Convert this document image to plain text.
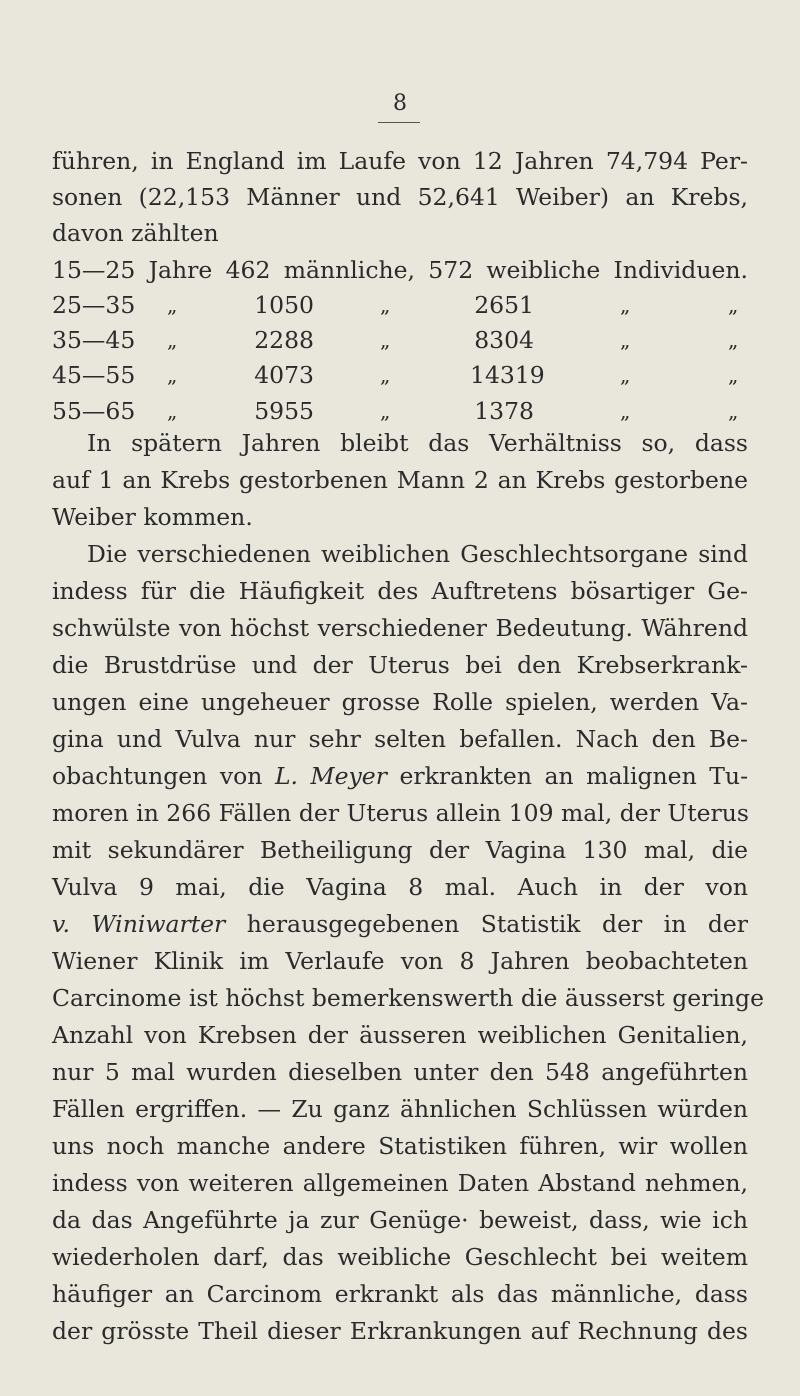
8
führen, in England im Laufe von 12 Jahren 74,794 Per-
sonen (22,153 Männer und 52,641 Weiber) an Krebs,
davon zählten
15—25 Jahre 462 männliche, 572 weibliche Individuen.
25—35 „	1050	„	2651	„	„
35—45 „	2288	„	8304	„	„
45—55 „	4073	„	14319	„	„
55—65 „	5955	„	1378	„	„
In spätern Jahren bleibt das Verhältniss so, dass
auf 1 an Krebs gestorbenen Mann 2 an Krebs gestorbene
Weiber kommen.
Die verschiedenen weiblichen Geschlechtsorgane sind
indess für die Häufigkeit des Auftretens bösartiger Ge-
schwülste von höchst verschiedener Bedeutung. Während
die Brustdrüse und der Uterus bei den Krebserkrank-
ungen eine ungeheuer grosse Rolle spielen, werden Va-
gina und Vulva nur sehr selten befallen. Nach den Be-
obachtungen von L. Meyer erkrankten an malignen Tu-
moren in 266 Fällen der Uterus allein 109 mal, der Uterus
mit sekundärer Betheiligung der Vagina 130 mal, die
Vulva 9 mai, die Vagina 8 mal. Auch in der von
v. Winiwarter herausgegebenen Statistik der in der
Wiener Klinik im Verlaufe von 8 Jahren beobachteten
Carcinome ist höchst bemerkenswerth die äusserst geringe
Anzahl von Krebsen der äusseren weiblichen Genitalien,
nur 5 mal wurden dieselben unter den 548 angeführten
Fällen ergriffen. — Zu ganz ähnlichen Schlüssen würden
uns noch manche andere Statistiken führen, wir wollen
indess von weiteren allgemeinen Daten Abstand nehmen,
da das Angeführte ja zur Genüge· beweist, dass, wie ich
wiederholen darf, das weibliche Geschlecht bei weitem
häufiger an Carcinom erkrankt als das männliche, dass
der grösste Theil dieser Erkrankungen auf Rechnung des
